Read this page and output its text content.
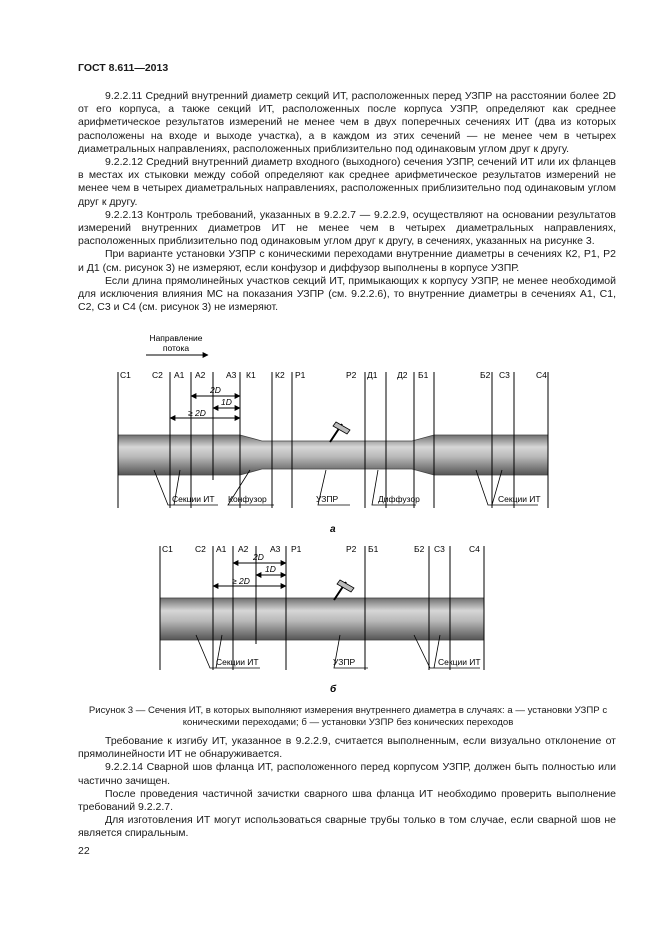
ГОСТ 8.611—2013

9.2.2.11 Средний внутренний диаметр секций ИТ, расположенных перед УЗПР на расстоянии более 2D от его корпуса, а также секций ИТ, расположенных после корпуса УЗПР, определяют как среднее арифметическое результатов измерений не менее чем в двух поперечных сечениях ИТ (два из которых расположены на входе и выходе участка), а в каждом из этих сечений — не менее чем в четырех диаметральных направлениях, расположенных приблизительно под одинаковым углом друг к другу.

9.2.2.12 Средний внутренний диаметр входного (выходного) сечения УЗПР, сечений ИТ или их фланцев в местах их стыковки между собой определяют как среднее арифметическое результатов измерений не менее чем в четырех диаметральных направлениях, расположенных приблизительно под одинаковым углом друг к другу.

9.2.2.13 Контроль требований, указанных в 9.2.2.7 — 9.2.2.9, осуществляют на основании результатов измерений внутренних диаметров ИТ не менее чем в четырех диаметральных направлениях, расположенных приблизительно под одинаковым углом друг к другу, в сечениях, указанных на рисунке 3.

При варианте установки УЗПР с коническими переходами внутренние диаметры в сечениях К2, Р1, Р2 и Д1 (см. рисунок 3) не измеряют, если конфузор и диффузор выполнены в корпусе УЗПР.

Если длина прямолинейных участков секций ИТ, примыкающих к корпусу УЗПР, не менее необходимой для исключения влияния МС на показания УЗПР (см. 9.2.2.6), то внутренние диаметры в сечениях А1, С1, С2, С3 и С4 (см. рисунок 3) не измеряют.

Направление
потока
С1 С2 А1 А2 А3 К1 К2 Р1	Р2 Д1 Д2 Б1	Б2 С3	С4
2D
1D
≥ 2D
Секции ИТ Конфузор	УЗПР	Диффузор	Секции ИТ
а
С1	С2 А1 А2	А3 Р1	Р2 Б1	Б2 С3	С4
2D
1D
≥ 2D
Секции ИТ	УЗПР	Секции ИТ
б
Рисунок 3 — Сечения ИТ, в которых выполняют измерения внутреннего диаметра в случаях: а — установки УЗПР с коническими переходами; б — установки УЗПР без конических переходов

Требование к изгибу ИТ, указанное в 9.2.2.9, считается выполненным, если визуально отклонение от прямолинейности ИТ не обнаруживается.

9.2.2.14 Сварной шов фланца ИТ, расположенного перед корпусом УЗПР, должен быть полностью или частично зачищен.

После проведения частичной зачистки сварного шва фланца ИТ необходимо проверить выполнение требований 9.2.2.7.

Для изготовления ИТ могут использоваться сварные трубы только в том случае, если сварной шов не является спиральным.

22
